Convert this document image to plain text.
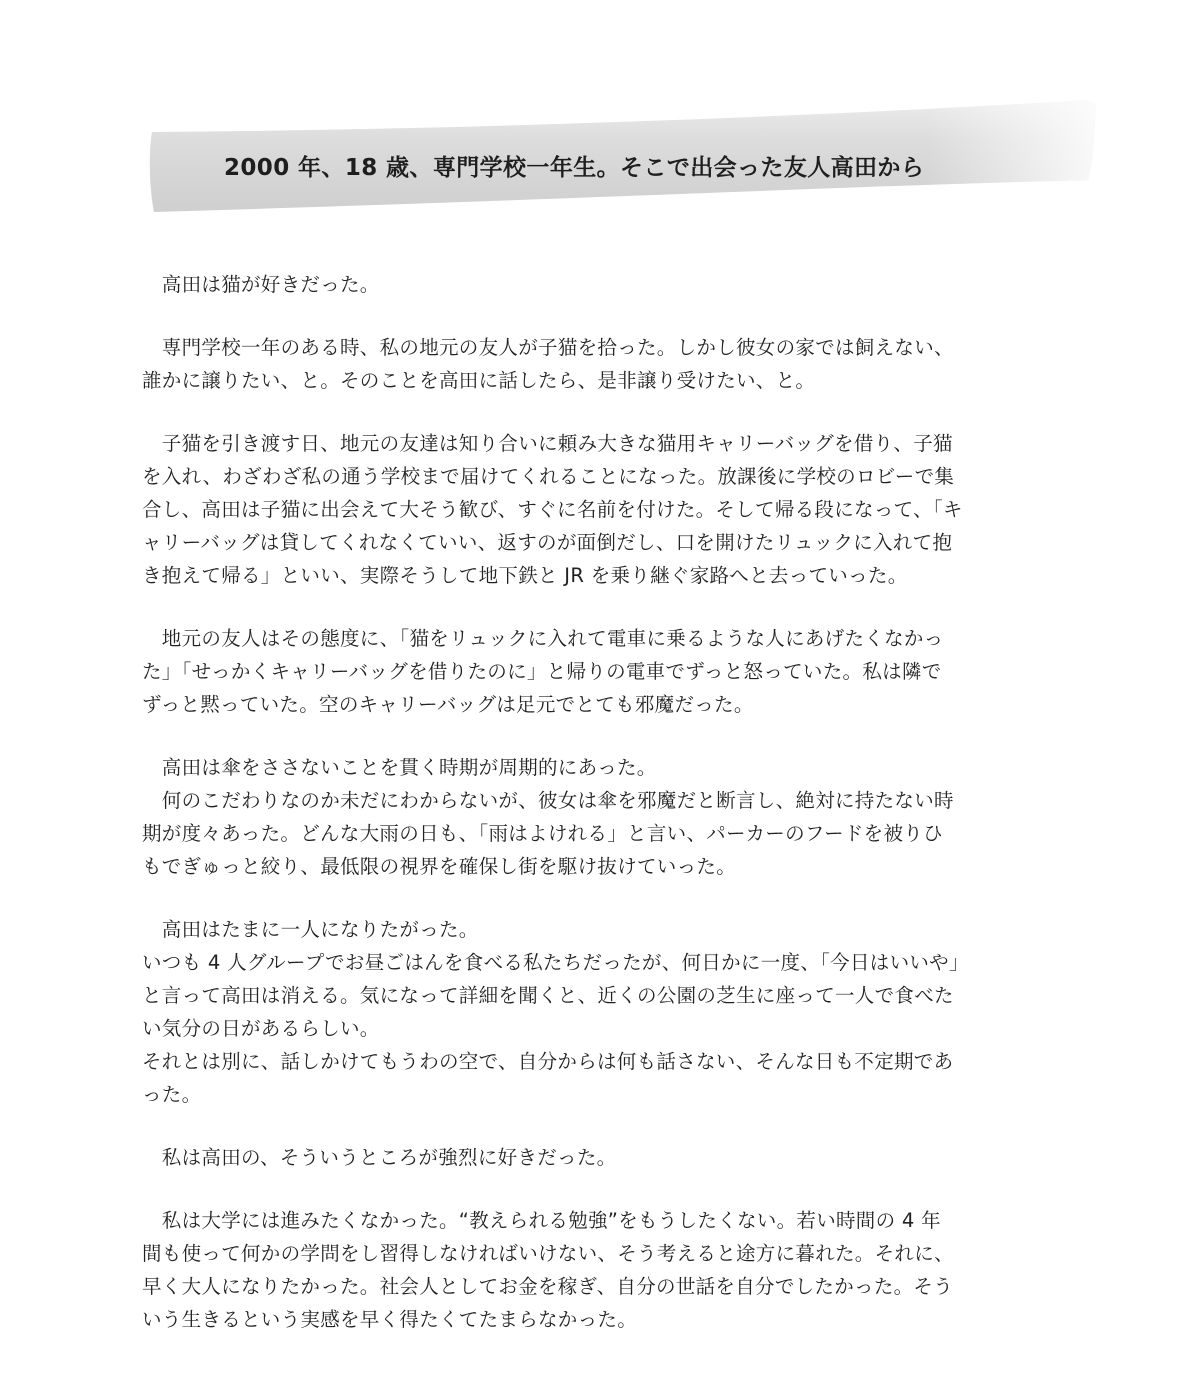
2000 年、18 歳、専門学校一年生。そこで出会った友人高田から
　高田は猫が好きだった。
　専門学校一年のある時、私の地元の友人が子猫を拾った。しかし彼女の家では飼えない、
誰かに譲りたい、と。そのことを高田に話したら、是非譲り受けたい、と。
　子猫を引き渡す日、地元の友達は知り合いに頼み大きな猫用キャリーバッグを借り、子猫
を入れ、わざわざ私の通う学校まで届けてくれることになった。放課後に学校のロビーで集
合し、高田は子猫に出会えて大そう歓び、すぐに名前を付けた。そして帰る段になって、「キ
ャリーバッグは貸してくれなくていい、返すのが面倒だし、口を開けたリュックに入れて抱
き抱えて帰る」といい、実際そうして地下鉄と JR を乗り継ぐ家路へと去っていった。
　地元の友人はその態度に、「猫をリュックに入れて電車に乗るような人にあげたくなかっ
た」「せっかくキャリーバッグを借りたのに」と帰りの電車でずっと怒っていた。私は隣で
ずっと黙っていた。空のキャリーバッグは足元でとても邪魔だった。
　高田は傘をささないことを貫く時期が周期的にあった。
　何のこだわりなのか未だにわからないが、彼女は傘を邪魔だと断言し、絶対に持たない時
期が度々あった。どんな大雨の日も、「雨はよけれる」と言い、パーカーのフードを被りひ
もでぎゅっと絞り、最低限の視界を確保し街を駆け抜けていった。
　高田はたまに一人になりたがった。
いつも 4 人グループでお昼ごはんを食べる私たちだったが、何日かに一度、「今日はいいや」
と言って高田は消える。気になって詳細を聞くと、近くの公園の芝生に座って一人で食べた
い気分の日があるらしい。
それとは別に、話しかけてもうわの空で、自分からは何も話さない、そんな日も不定期であ
った。
　私は高田の、そういうところが強烈に好きだった。
　私は大学には進みたくなかった。“教えられる勉強”をもうしたくない。若い時間の 4 年
間も使って何かの学問をし習得しなければいけない、そう考えると途方に暮れた。それに、
早く大人になりたかった。社会人としてお金を稼ぎ、自分の世話を自分でしたかった。そう
いう生きるという実感を早く得たくてたまらなかった。
